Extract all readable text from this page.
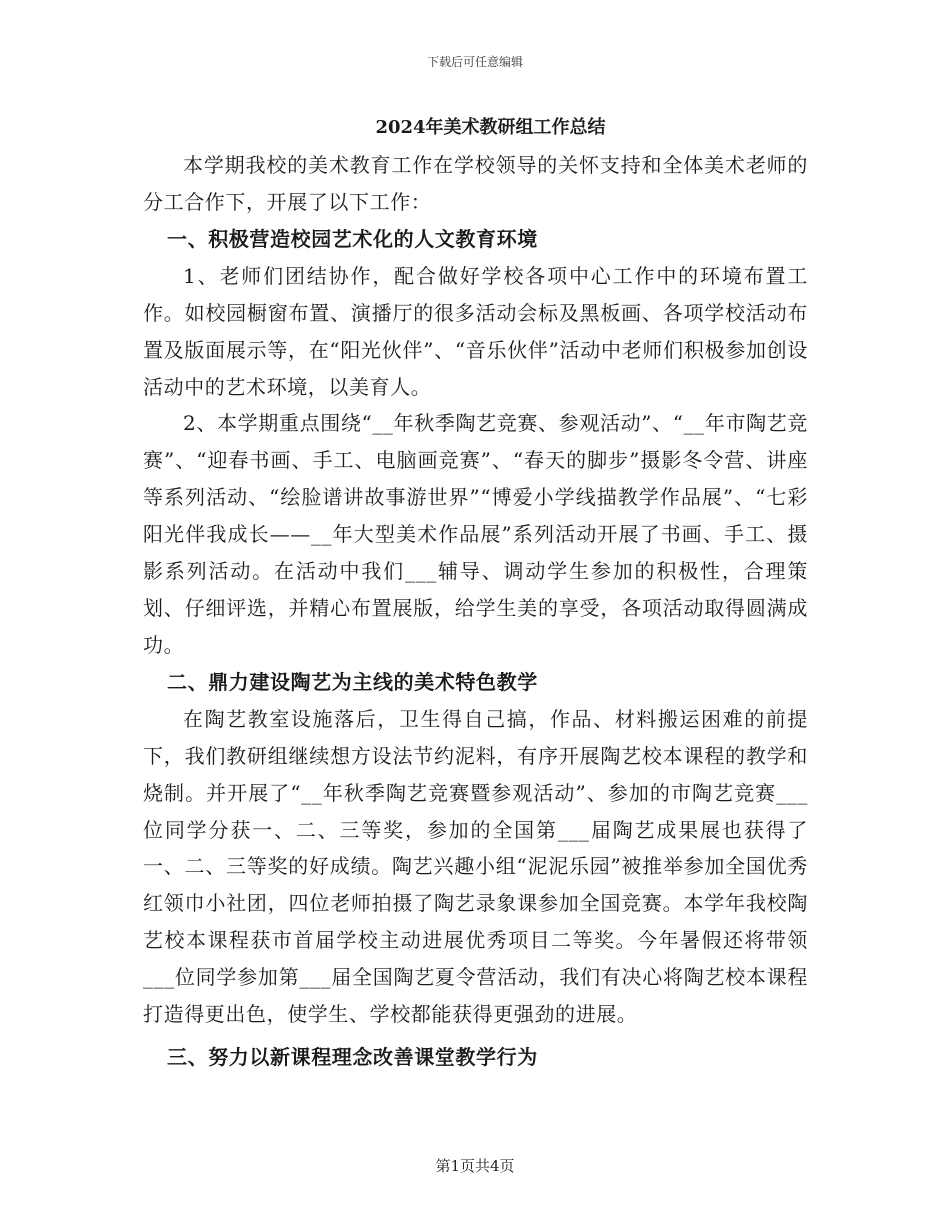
下载后可任意编辑
2024年美术教研组工作总结

本学期我校的美术教育工作在学校领导的关怀支持和全体美术老师的分工合作下，开展了以下工作：

一、积极营造校园艺术化的人文教育环境

1、老师们团结协作，配合做好学校各项中心工作中的环境布置工作。如校园橱窗布置、演播厅的很多活动会标及黑板画、各项学校活动布置及版面展示等，在“阳光伙伴”、“音乐伙伴”活动中老师们积极参加创设活动中的艺术环境，以美育人。

2、本学期重点围绕“__年秋季陶艺竞赛、参观活动”、“__年市陶艺竞赛”、“迎春书画、手工、电脑画竞赛”、“春天的脚步”摄影冬令营、讲座等系列活动、“绘脸谱讲故事游世界”“博爱小学线描教学作品展”、“七彩阳光伴我成长——__年大型美术作品展”系列活动开展了书画、手工、摄影系列活动。在活动中我们___辅导、调动学生参加的积极性，合理策划、仔细评选，并精心布置展版，给学生美的享受，各项活动取得圆满成功。

二、鼎力建设陶艺为主线的美术特色教学

在陶艺教室设施落后，卫生得自己搞，作品、材料搬运困难的前提下，我们教研组继续想方设法节约泥料，有序开展陶艺校本课程的教学和烧制。并开展了“__年秋季陶艺竞赛暨参观活动”、参加的市陶艺竞赛___位同学分获一、二、三等奖，参加的全国第___届陶艺成果展也获得了一、二、三等奖的好成绩。陶艺兴趣小组“泥泥乐园”被推举参加全国优秀红领巾小社团，四位老师拍摄了陶艺录象课参加全国竞赛。本学年我校陶艺校本课程获市首届学校主动进展优秀项目二等奖。今年暑假还将带领___位同学参加第___届全国陶艺夏令营活动，我们有决心将陶艺校本课程打造得更出色，使学生、学校都能获得更强劲的进展。

三、努力以新课程理念改善课堂教学行为
第1页共4页
